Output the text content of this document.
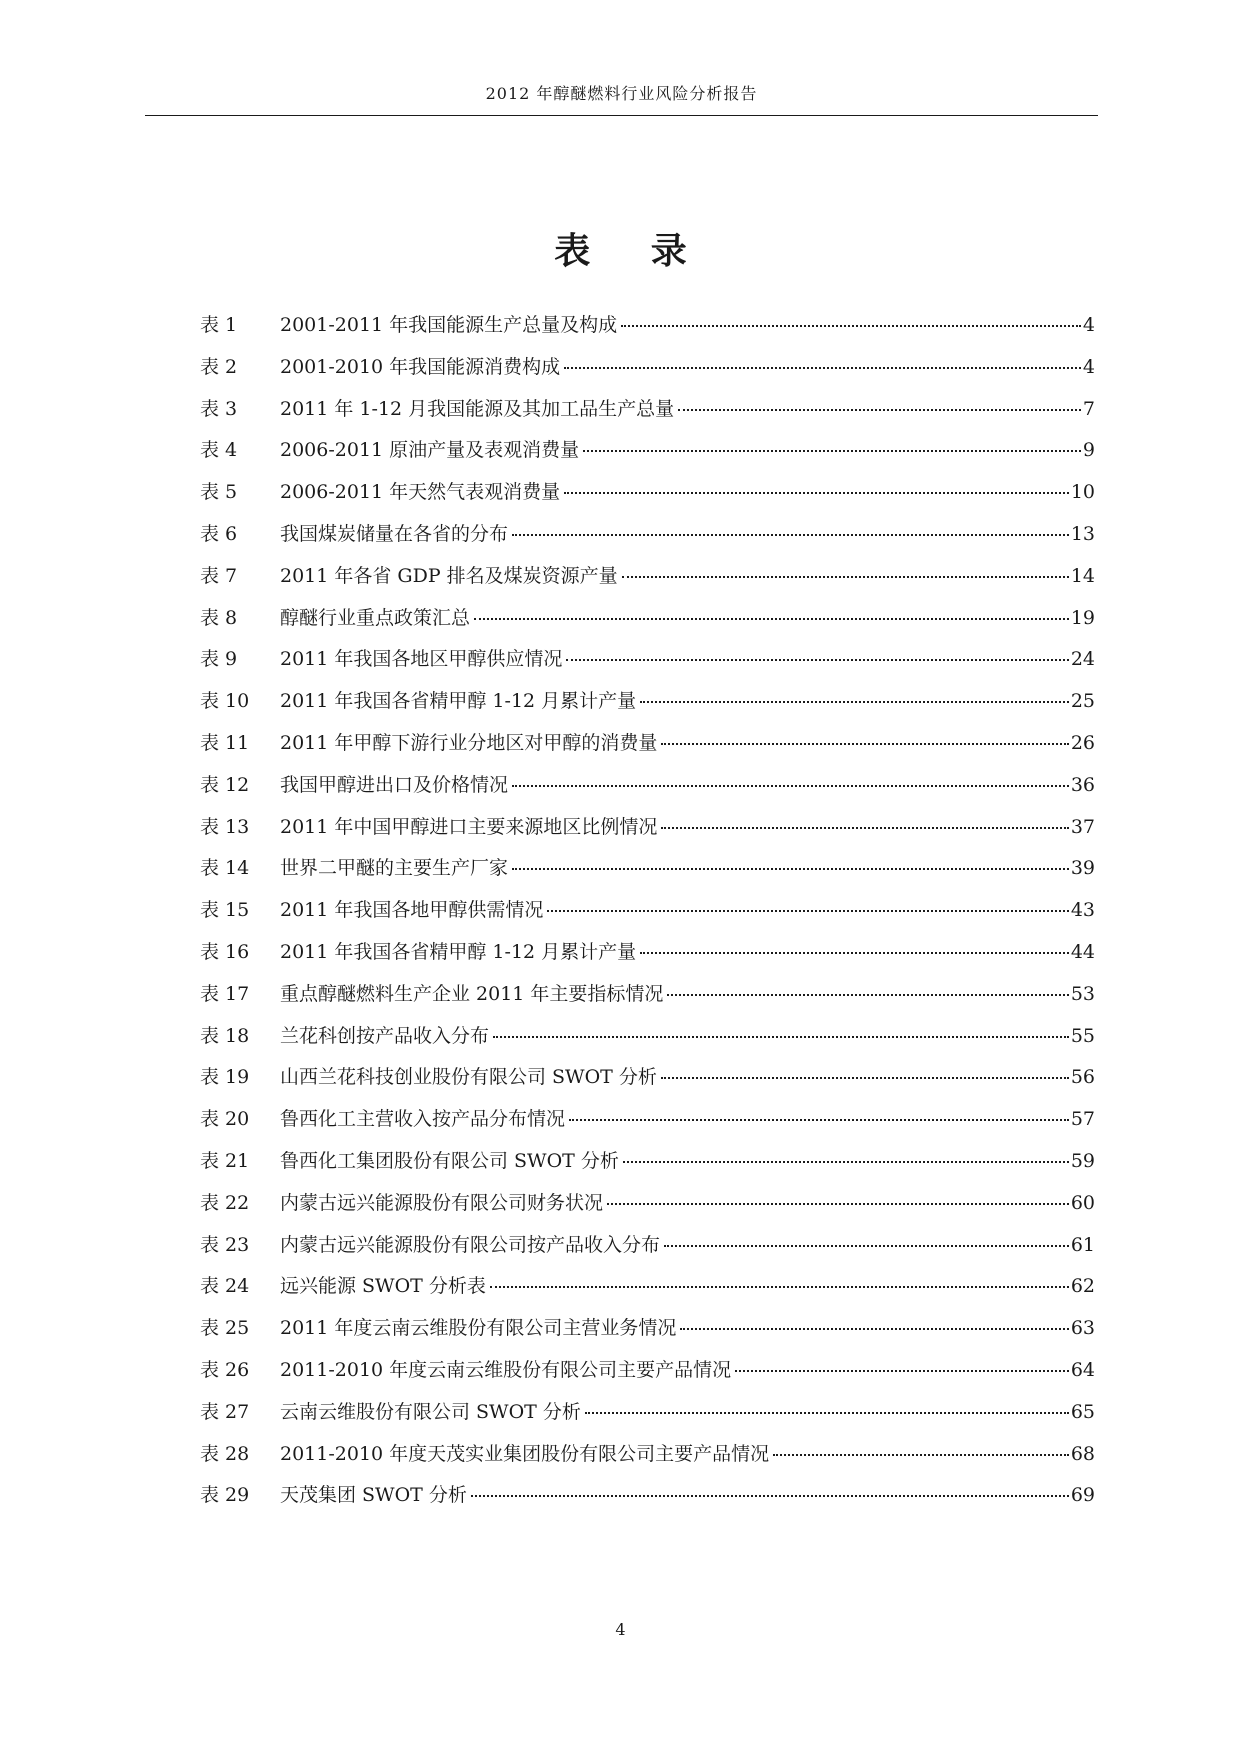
2012 年醇醚燃料行业风险分析报告
表 录
表 1	2001-2011 年我国能源生产总量及构成	4
表 2	2001-2010 年我国能源消费构成	4
表 3	2011 年 1-12 月我国能源及其加工品生产总量	7
表 4	2006-2011 原油产量及表观消费量	9
表 5	2006-2011 年天然气表观消费量	10
表 6	我国煤炭储量在各省的分布	13
表 7	2011 年各省 GDP 排名及煤炭资源产量	14
表 8	醇醚行业重点政策汇总	19
表 9	2011 年我国各地区甲醇供应情况	24
表 10	2011 年我国各省精甲醇 1-12 月累计产量	25
表 11	2011 年甲醇下游行业分地区对甲醇的消费量	26
表 12	我国甲醇进出口及价格情况	36
表 13	2011 年中国甲醇进口主要来源地区比例情况	37
表 14	世界二甲醚的主要生产厂家	39
表 15	2011 年我国各地甲醇供需情况	43
表 16	2011 年我国各省精甲醇 1-12 月累计产量	44
表 17	重点醇醚燃料生产企业 2011 年主要指标情况	53
表 18	兰花科创按产品收入分布	55
表 19	山西兰花科技创业股份有限公司 SWOT 分析	56
表 20	鲁西化工主营收入按产品分布情况	57
表 21	鲁西化工集团股份有限公司 SWOT 分析	59
表 22	内蒙古远兴能源股份有限公司财务状况	60
表 23	内蒙古远兴能源股份有限公司按产品收入分布	61
表 24	远兴能源 SWOT 分析表	62
表 25	2011 年度云南云维股份有限公司主营业务情况	63
表 26	2011-2010 年度云南云维股份有限公司主要产品情况	64
表 27	云南云维股份有限公司 SWOT 分析	65
表 28	2011-2010 年度天茂实业集团股份有限公司主要产品情况	68
表 29	天茂集团 SWOT 分析	69
4
